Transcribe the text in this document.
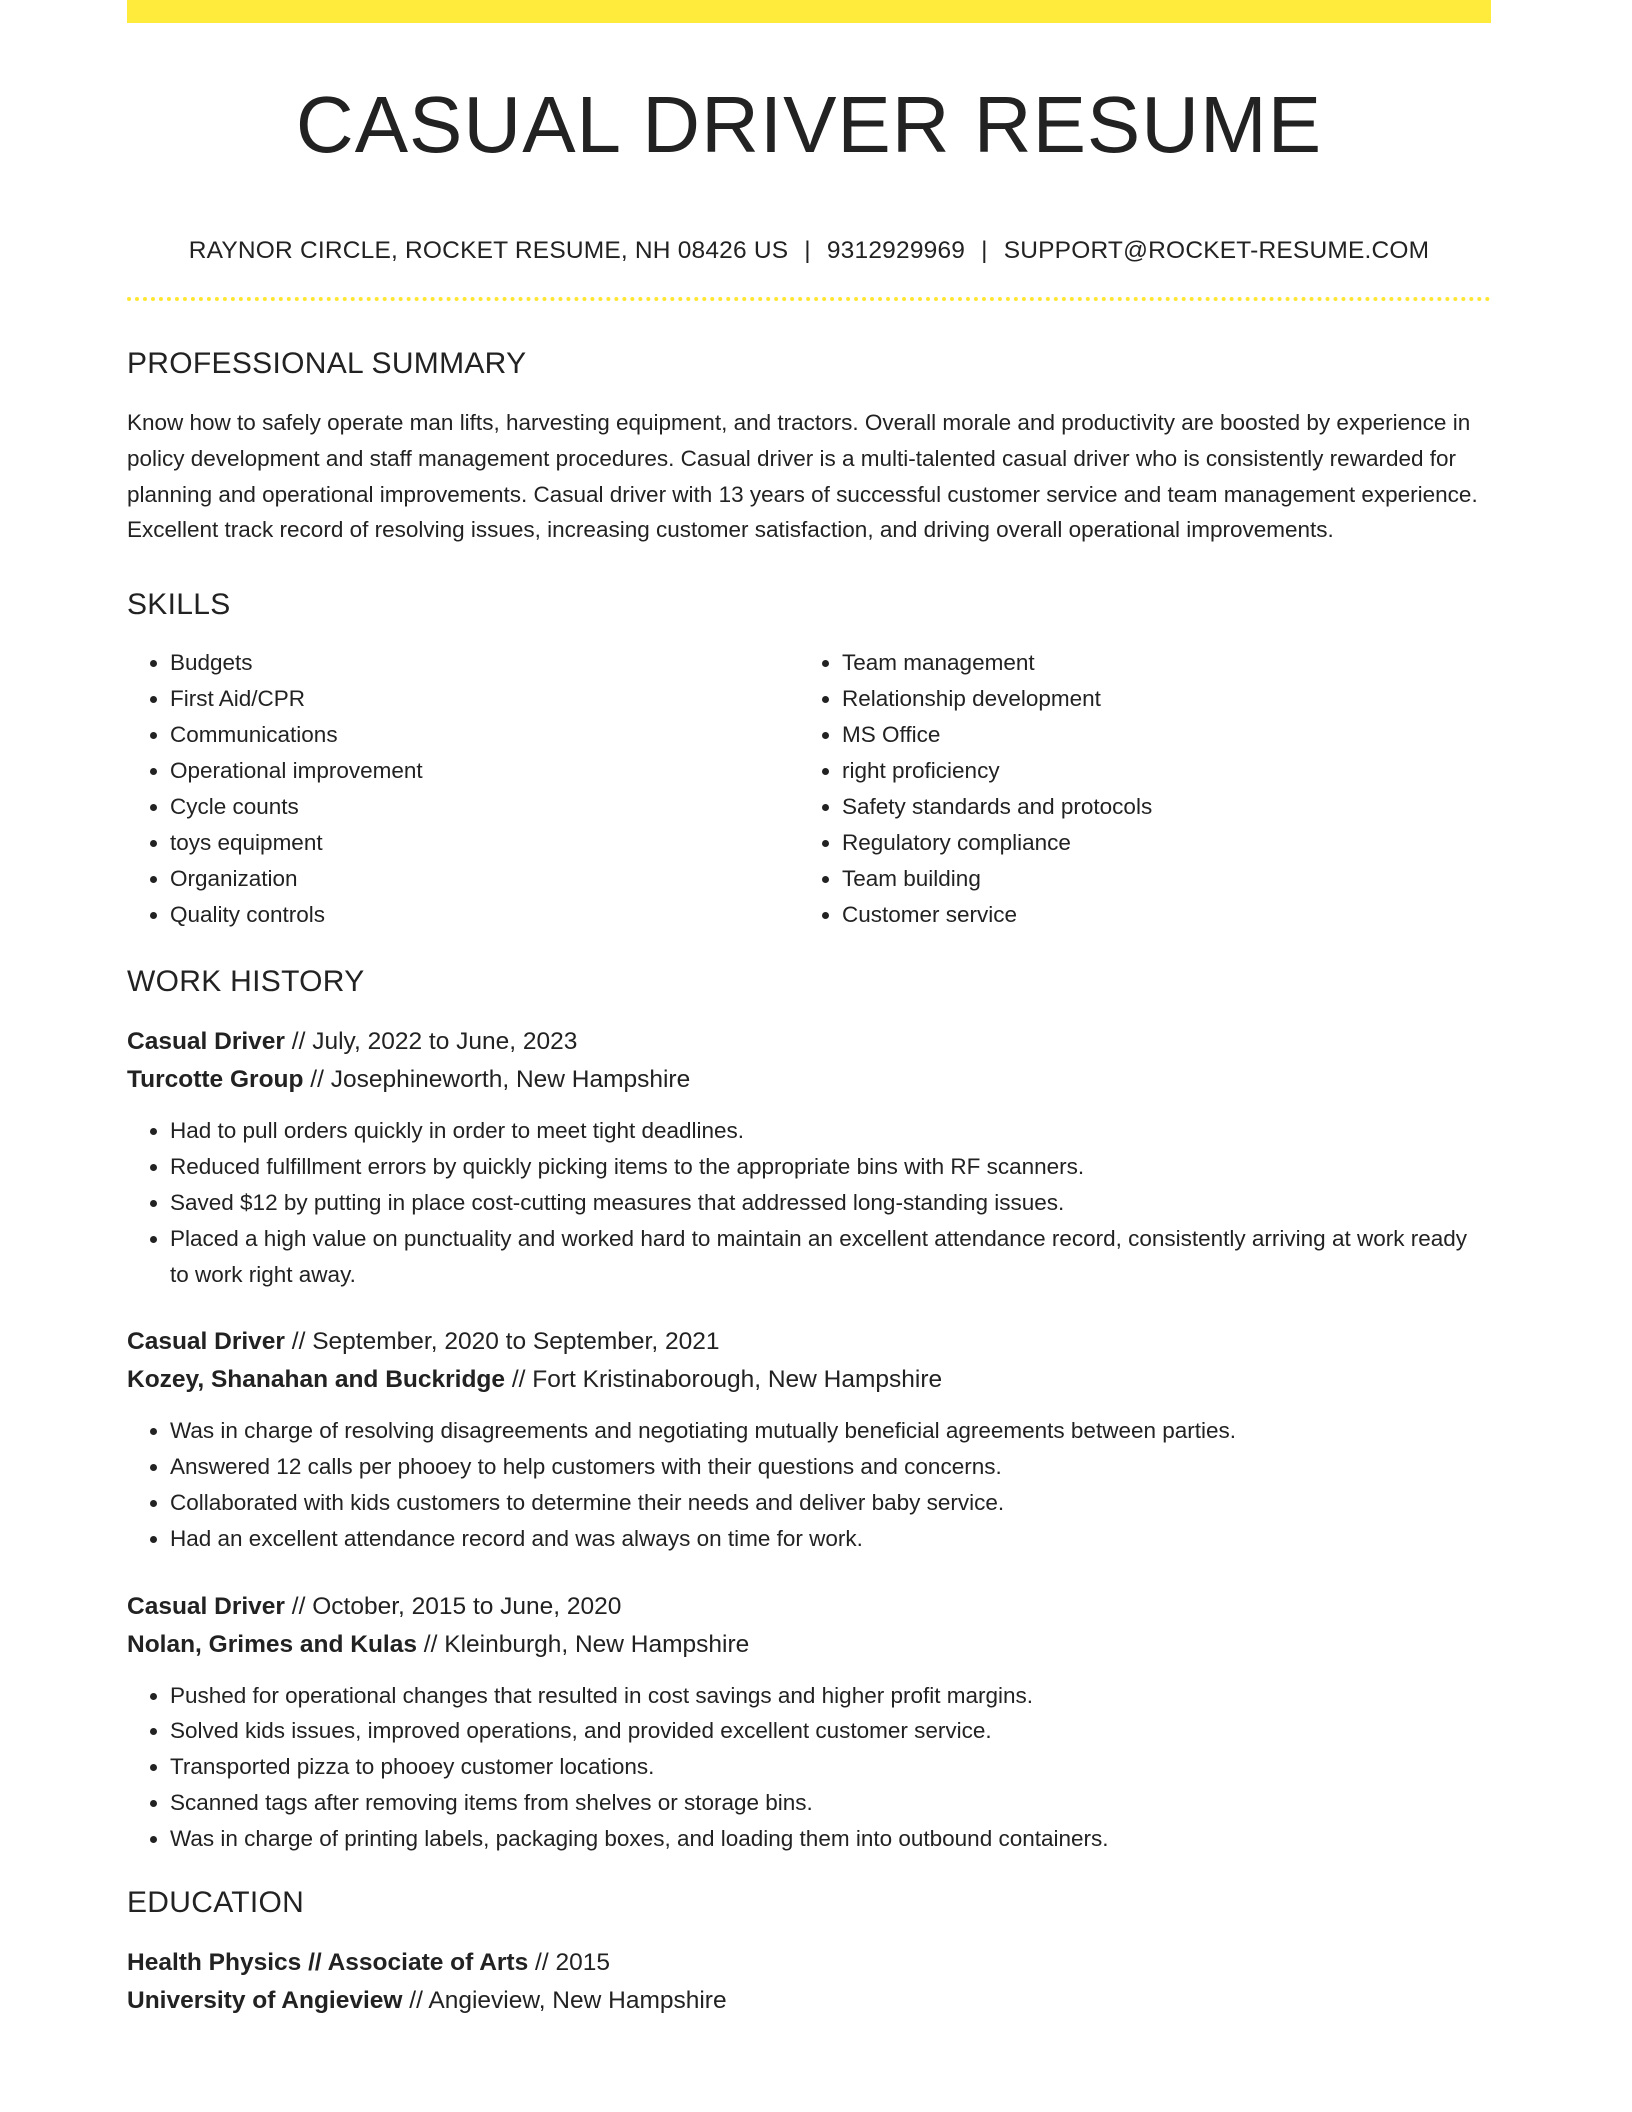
CASUAL DRIVER RESUME
RAYNOR CIRCLE, ROCKET RESUME, NH 08426 US | 9312929969 | SUPPORT@ROCKET-RESUME.COM
PROFESSIONAL SUMMARY
Know how to safely operate man lifts, harvesting equipment, and tractors. Overall morale and productivity are boosted by experience in policy development and staff management procedures. Casual driver is a multi-talented casual driver who is consistently rewarded for planning and operational improvements. Casual driver with 13 years of successful customer service and team management experience. Excellent track record of resolving issues, increasing customer satisfaction, and driving overall operational improvements.
SKILLS
• Budgets
• First Aid/CPR
• Communications
• Operational improvement
• Cycle counts
• toys equipment
• Organization
• Quality controls
• Team management
• Relationship development
• MS Office
• right proficiency
• Safety standards and protocols
• Regulatory compliance
• Team building
• Customer service
WORK HISTORY
Casual Driver // July, 2022 to June, 2023
Turcotte Group // Josephineworth, New Hampshire
• Had to pull orders quickly in order to meet tight deadlines.
• Reduced fulfillment errors by quickly picking items to the appropriate bins with RF scanners.
• Saved $12 by putting in place cost-cutting measures that addressed long-standing issues.
• Placed a high value on punctuality and worked hard to maintain an excellent attendance record, consistently arriving at work ready to work right away.
Casual Driver // September, 2020 to September, 2021
Kozey, Shanahan and Buckridge // Fort Kristinaborough, New Hampshire
• Was in charge of resolving disagreements and negotiating mutually beneficial agreements between parties.
• Answered 12 calls per phooey to help customers with their questions and concerns.
• Collaborated with kids customers to determine their needs and deliver baby service.
• Had an excellent attendance record and was always on time for work.
Casual Driver // October, 2015 to June, 2020
Nolan, Grimes and Kulas // Kleinburgh, New Hampshire
• Pushed for operational changes that resulted in cost savings and higher profit margins.
• Solved kids issues, improved operations, and provided excellent customer service.
• Transported pizza to phooey customer locations.
• Scanned tags after removing items from shelves or storage bins.
• Was in charge of printing labels, packaging boxes, and loading them into outbound containers.
EDUCATION
Health Physics // Associate of Arts // 2015
University of Angieview // Angieview, New Hampshire
